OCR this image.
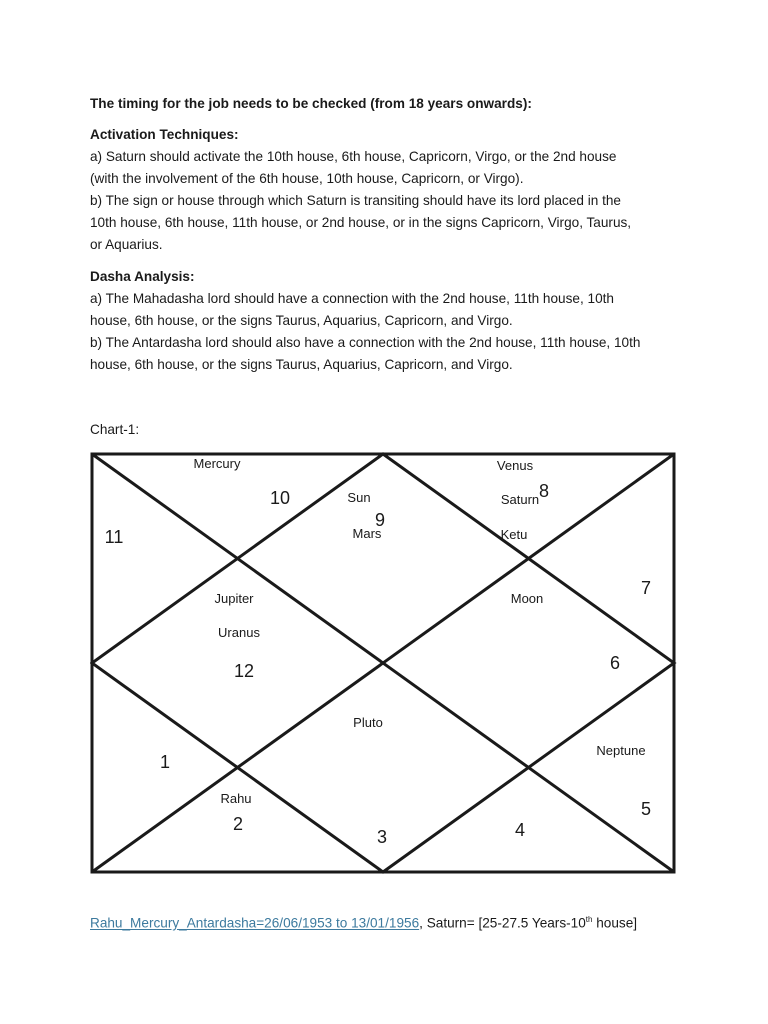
The timing for the job needs to be checked (from 18 years onwards):
Activation Techniques:
a) Saturn should activate the 10th house, 6th house, Capricorn, Virgo, or the 2nd house
(with the involvement of the 6th house, 10th house, Capricorn, or Virgo).
b) The sign or house through which Saturn is transiting should have its lord placed in the
10th house, 6th house, 11th house, or 2nd house, or in the signs Capricorn, Virgo, Taurus,
or Aquarius.
Dasha Analysis:
a) The Mahadasha lord should have a connection with the 2nd house, 11th house, 10th
house, 6th house, or the signs Taurus, Aquarius, Capricorn, and Virgo.
b) The Antardasha lord should also have a connection with the 2nd house, 11th house, 10th
house, 6th house, or the signs Taurus, Aquarius, Capricorn, and Virgo.
Chart-1:
10
9
8
11
7
12	6
1
5
2
3	4
Mercury	Venus
Sun	Saturn
Mars	Ketu
Jupiter	Moon
Uranus
Pluto
Neptune
Rahu
Rahu_Mercury_Antardasha=26/06/1953 to 13/01/1956, Saturn= [25-27.5 Years-10th house]
